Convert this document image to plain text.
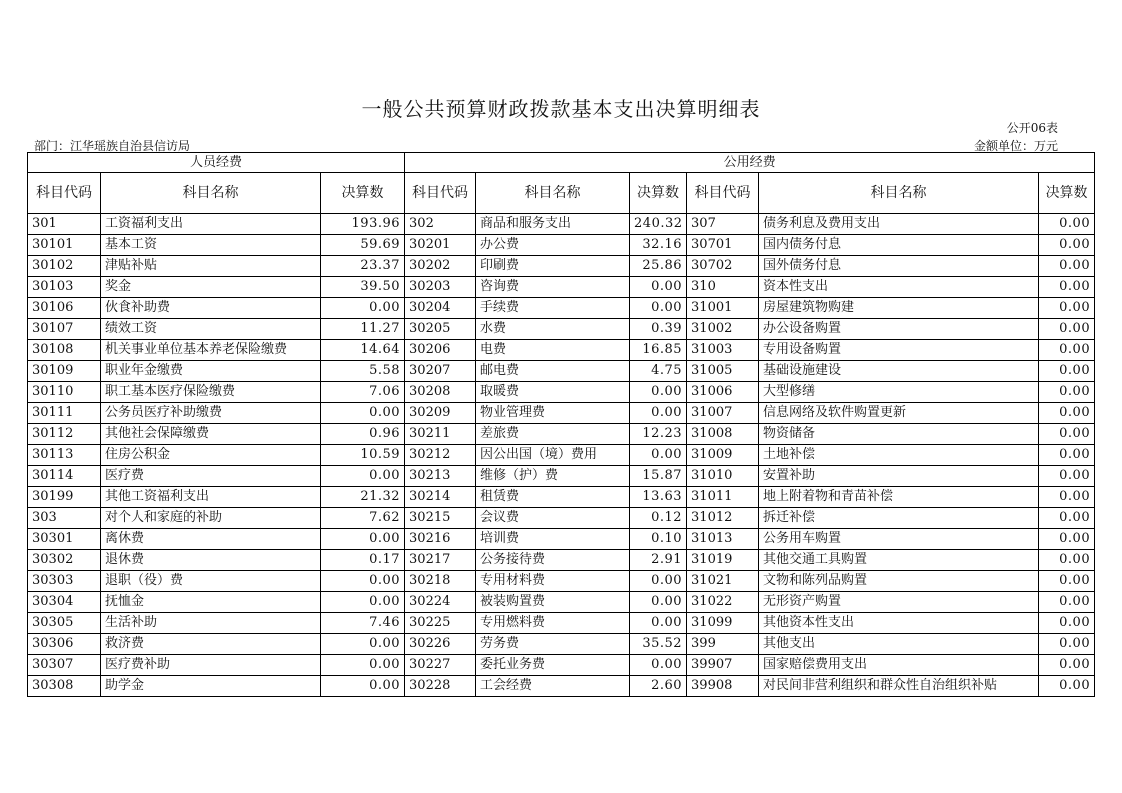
一般公共预算财政拨款基本支出决算明细表
公开06表
部门：江华瑶族自治县信访局	金额单位：万元
人员经费			公用经费					
科目代码	科目名称	决算数	科目代码	科目名称	决算数	科目代码	科目名称	决算数
301	工资福利支出	193.96	302	商品和服务支出	240.32	307	债务利息及费用支出	0.00
30101	基本工资	59.69	30201	办公费	32.16	30701	国内债务付息	0.00
30102	津贴补贴	23.37	30202	印刷费	25.86	30702	国外债务付息	0.00
30103	奖金	39.50	30203	咨询费	0.00	310	资本性支出	0.00
30106	伙食补助费	0.00	30204	手续费	0.00	31001	房屋建筑物购建	0.00
30107	绩效工资	11.27	30205	水费	0.39	31002	办公设备购置	0.00
30108	机关事业单位基本养老保险缴费	14.64	30206	电费	16.85	31003	专用设备购置	0.00
30109	职业年金缴费	5.58	30207	邮电费	4.75	31005	基础设施建设	0.00
30110	职工基本医疗保险缴费	7.06	30208	取暖费	0.00	31006	大型修缮	0.00
30111	公务员医疗补助缴费	0.00	30209	物业管理费	0.00	31007	信息网络及软件购置更新	0.00
30112	其他社会保障缴费	0.96	30211	差旅费	12.23	31008	物资储备	0.00
30113	住房公积金	10.59	30212	因公出国（境）费用	0.00	31009	土地补偿	0.00
30114	医疗费	0.00	30213	维修（护）费	15.87	31010	安置补助	0.00
30199	其他工资福利支出	21.32	30214	租赁费	13.63	31011	地上附着物和青苗补偿	0.00
303	对个人和家庭的补助	7.62	30215	会议费	0.12	31012	拆迁补偿	0.00
30301	离休费	0.00	30216	培训费	0.10	31013	公务用车购置	0.00
30302	退休费	0.17	30217	公务接待费	2.91	31019	其他交通工具购置	0.00
30303	退职（役）费	0.00	30218	专用材料费	0.00	31021	文物和陈列品购置	0.00
30304	抚恤金	0.00	30224	被装购置费	0.00	31022	无形资产购置	0.00
30305	生活补助	7.46	30225	专用燃料费	0.00	31099	其他资本性支出	0.00
30306	救济费	0.00	30226	劳务费	35.52	399	其他支出	0.00
30307	医疗费补助	0.00	30227	委托业务费	0.00	39907	国家赔偿费用支出	0.00
30308	助学金	0.00	30228	工会经费	2.60	39908	对民间非营利组织和群众性自治组织补贴	0.00
